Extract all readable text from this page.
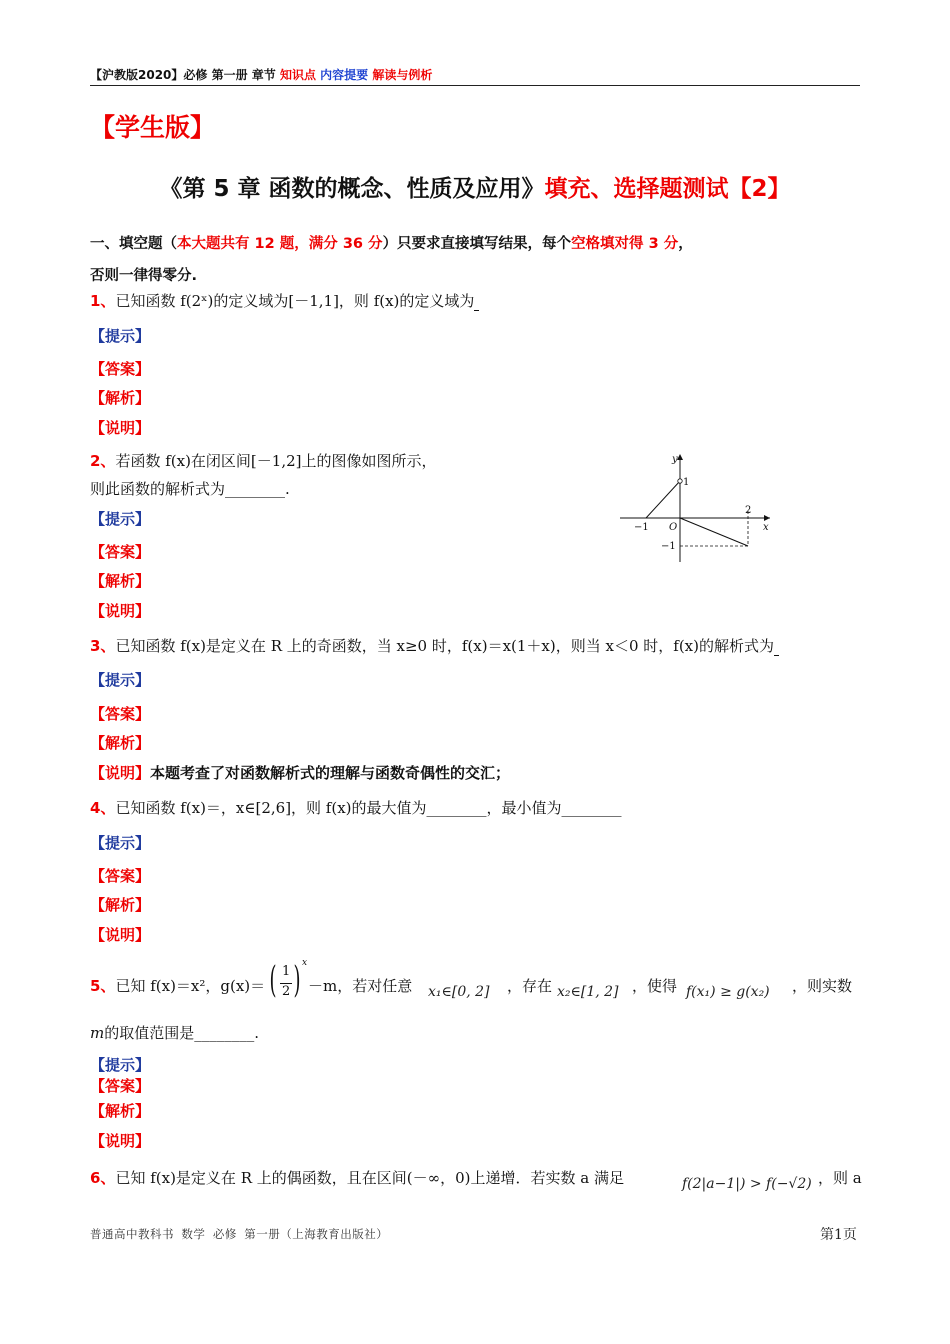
【沪教版2020】必修 第一册 章节 知识点 内容提要 解读与例析
【学生版】
《第 5 章 函数的概念、性质及应用》填充、选择题测试【2】
一、填空题（本大题共有 12 题，满分 36 分）只要求直接填写结果，每个空格填对得 3 分，
否则一律得零分.
1、已知函数 f(2ˣ)的定义域为[－1,1]，则 f(x)的定义域为
【提示】
【答案】
【解析】
【说明】
2、若函数 f(x)在闭区间[－1,2]上的图像如图所示，
则此函数的解析式为________.
y
x
O
−1
2
1
−1
【提示】
【答案】
【解析】
【说明】
3、已知函数 f(x)是定义在 R 上的奇函数，当 x≥0 时，f(x)＝x(1＋x)，则当 x＜0 时，f(x)的解析式为
【提示】
【答案】
【解析】
【说明】本题考查了对函数解析式的理解与函数奇偶性的交汇；
4、已知函数 f(x)＝，x∈[2,6]，则 f(x)的最大值为________，最小值为________
【提示】
【答案】
【解析】
【说明】
5、已知 f(x)＝x²，g(x)＝ ( 1
2 ) x
－m，若对任意 x₁∈[0, 2] ，存在 x₂∈[1, 2] ，使得 f(x₁) ≥ g(x₂) ，则实数
m的取值范围是________.
【提示】
【答案】
【解析】
【说明】
6、已知 f(x)是定义在 R 上的偶函数，且在区间(－∞，0)上递增．若实数 a 满足	f(2|a−1|) > f(−√2) ，则 a
普通高中教科书 数学 必修 第一册（上海教育出版社）	第1页
